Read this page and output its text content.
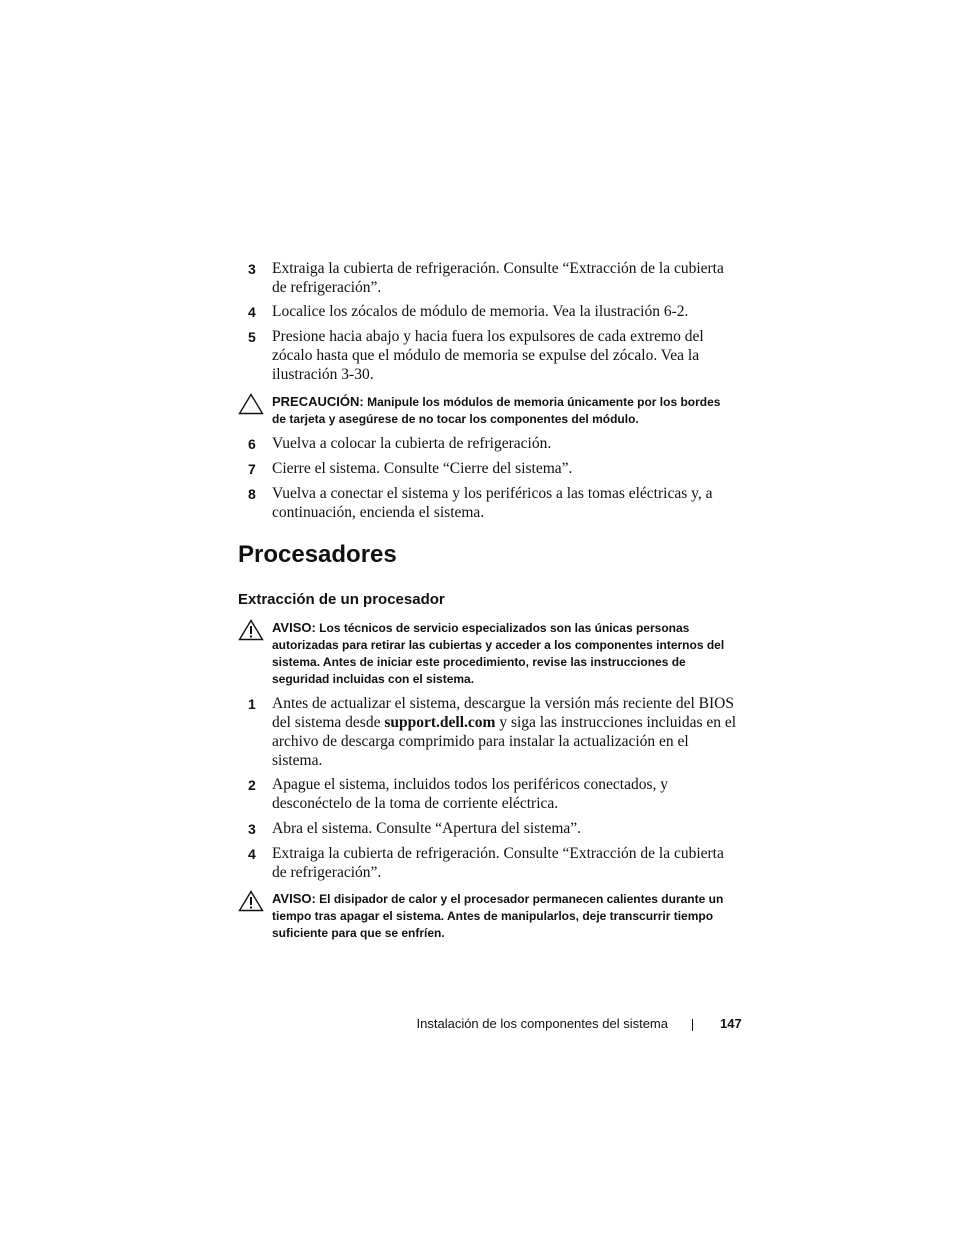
3 Extraiga la cubierta de refrigeración. Consulte “Extracción de la cubierta de refrigeración”.
4 Localice los zócalos de módulo de memoria. Vea la ilustración 6-2.
5 Presione hacia abajo y hacia fuera los expulsores de cada extremo del zócalo hasta que el módulo de memoria se expulse del zócalo. Vea la ilustración 3-30.
PRECAUCIÓN: Manipule los módulos de memoria únicamente por los bordes de tarjeta y asegúrese de no tocar los componentes del módulo.
6 Vuelva a colocar la cubierta de refrigeración.
7 Cierre el sistema. Consulte “Cierre del sistema”.
8 Vuelva a conectar el sistema y los periféricos a las tomas eléctricas y, a continuación, encienda el sistema.
Procesadores
Extracción de un procesador
AVISO: Los técnicos de servicio especializados son las únicas personas autorizadas para retirar las cubiertas y acceder a los componentes internos del sistema. Antes de iniciar este procedimiento, revise las instrucciones de seguridad incluidas con el sistema.
1 Antes de actualizar el sistema, descargue la versión más reciente del BIOS del sistema desde support.dell.com y siga las instrucciones incluidas en el archivo de descarga comprimido para instalar la actualización en el sistema.
2 Apague el sistema, incluidos todos los periféricos conectados, y desconéctelo de la toma de corriente eléctrica.
3 Abra el sistema. Consulte “Apertura del sistema”.
4 Extraiga la cubierta de refrigeración. Consulte “Extracción de la cubierta de refrigeración”.
AVISO: El disipador de calor y el procesador permanecen calientes durante un tiempo tras apagar el sistema. Antes de manipularlos, deje transcurrir tiempo suficiente para que se enfríen.
Instalación de los componentes del sistema	147
